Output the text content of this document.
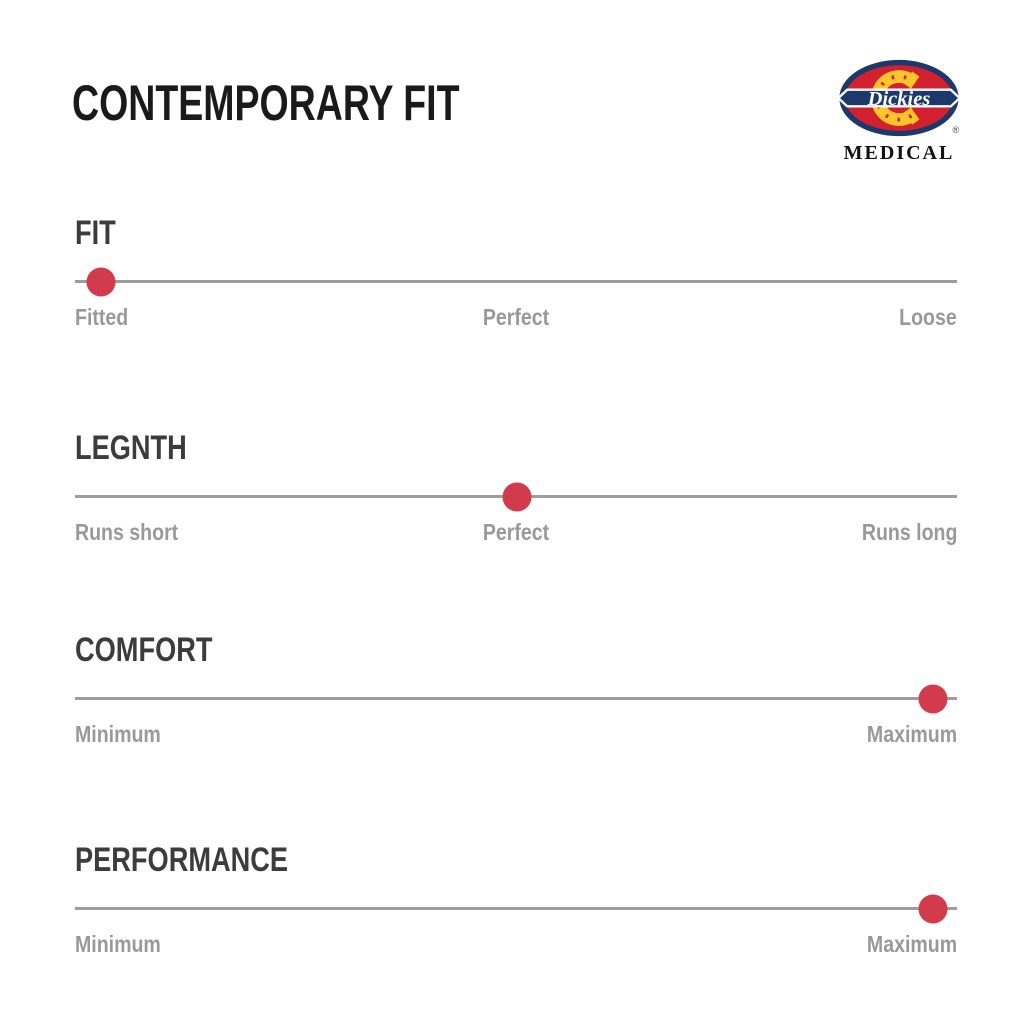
CONTEMPORARY FIT	Dickies
®
MEDICAL
FIT
Fitted	Perfect	Loose
LEGNTH
Runs short	Perfect	Runs long
COMFORT
Minimum	Maximum
PERFORMANCE
Minimum	Maximum
